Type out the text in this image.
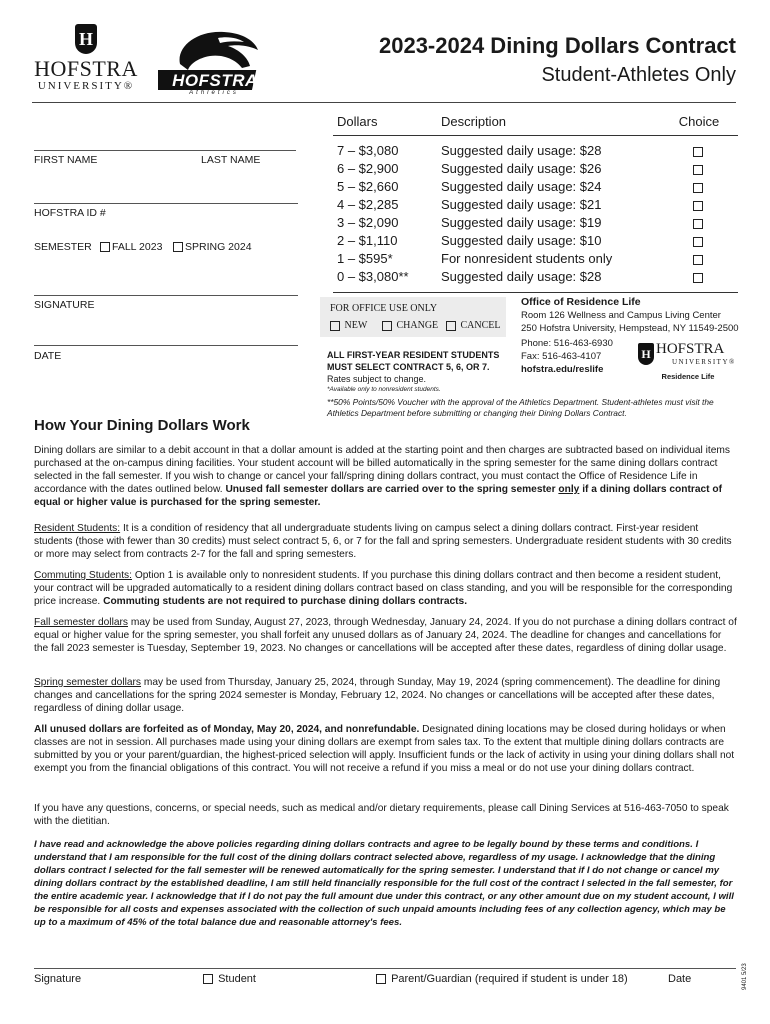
H
HOFSTRA
UNIVERSITY®	HOFSTRA
Athletics
2023-2024 Dining Dollars Contract
Student-Athletes Only
FIRST NAME	LAST NAME
HOFSTRA ID #
SEMESTER	FALL 2023	SPRING 2024
SIGNATURE
DATE
Dollars	Description	Choice
7 – $3,080	Suggested daily usage: $28	
6 – $2,900	Suggested daily usage: $26	
5 – $2,660	Suggested daily usage: $24	
4 – $2,285	Suggested daily usage: $21	
3 – $2,090	Suggested daily usage: $19	
2 – $1,110	Suggested daily usage: $10	
1 – $595*	For nonresident students only	
0 – $3,080**	Suggested daily usage: $28	
FOR OFFICE USE ONLY
NEW	CHANGE	CANCEL
ALL FIRST-YEAR RESIDENT STUDENTS MUST SELECT CONTRACT 5, 6, OR 7.
Rates subject to change.
*Available only to nonresident students.
**50% Points/50% Voucher with the approval of the Athletics Department. Student-athletes must visit the Athletics Department before submitting or changing their Dining Dollars Contract.
Office of Residence Life
Room 126 Wellness and Campus Living Center
250 Hofstra University, Hempstead, NY 11549-2500
Phone: 516-463-6930
Fax: 516-463-4107
hofstra.edu/reslife
H HOFSTRA
UNIVERSITY®
Residence Life
How Your Dining Dollars Work
Dining dollars are similar to a debit account in that a dollar amount is added at the starting point and then charges are subtracted based on individual items purchased at the on-campus dining facilities. Your student account will be billed automatically in the spring semester for the same dining dollars contract selected in the fall semester. If you wish to change or cancel your fall/spring dining dollars contract, you must contact the Office of Residence Life in accordance with the dates outlined below. Unused fall semester dollars are carried over to the spring semester only if a dining dollars contract of equal or higher value is purchased for the spring semester.
Resident Students: It is a condition of residency that all undergraduate students living on campus select a dining dollars contract. First-year resident students (those with fewer than 30 credits) must select contract 5, 6, or 7 for the fall and spring semesters. Undergraduate resident students with 30 credits or more may select from contracts 2-7 for the fall and spring semesters.
Commuting Students: Option 1 is available only to nonresident students. If you purchase this dining dollars contract and then become a resident student, your contract will be upgraded automatically to a resident dining dollars contract based on class standing, and you will be responsible for the corresponding price increase. Commuting students are not required to purchase dining dollars contracts.
Fall semester dollars may be used from Sunday, August 27, 2023, through Wednesday, January 24, 2024. If you do not purchase a dining dollars contract of equal or higher value for the spring semester, you shall forfeit any unused dollars as of January 24, 2024. The deadline for changes and cancellations for the fall 2023 semester is Tuesday, September 19, 2023. No changes or cancellations will be accepted after these dates, regardless of dining dollar usage.
Spring semester dollars may be used from Thursday, January 25, 2024, through Sunday, May 19, 2024 (spring commencement). The deadline for dining changes and cancellations for the spring 2024 semester is Monday, February 12, 2024. No changes or cancellations will be accepted after these dates, regardless of dining dollar usage.
All unused dollars are forfeited as of Monday, May 20, 2024, and nonrefundable. Designated dining locations may be closed during holidays or when classes are not in session. All purchases made using your dining dollars are exempt from sales tax. To the extent that multiple dining dollars contracts are submitted by you or your parent/guardian, the highest-priced selection will apply. Insufficient funds or the lack of activity in using your dining dollars shall not exempt you from the financial obligations of this contract. You will not receive a refund if you miss a meal or do not use your dining dollars contract.
If you have any questions, concerns, or special needs, such as medical and/or dietary requirements, please call Dining Services at 516-463-7050 to speak with the dietitian.
I have read and acknowledge the above policies regarding dining dollars contracts and agree to be legally bound by these terms and conditions. I understand that I am responsible for the full cost of the dining dollars contract selected above, regardless of my usage. I acknowledge that the dining dollars contract I selected for the fall semester will be renewed automatically for the spring semester. I understand that if I do not change or cancel my dining dollars contract by the established deadline, I am still held financially responsible for the full cost of the contract I selected in the fall semester, for the entire academic year. I acknowledge that if I do not pay the full amount due under this contract, or any other amount due on my student account, I will be responsible for all costs and expenses associated with the collection of such unpaid amounts including fees of any collection agency, which may be up to a maximum of 45% of the total balance due and reasonable attorney's fees.
Signature	Student	Parent/Guardian (required if student is under 18)	Date	9401 5/23
